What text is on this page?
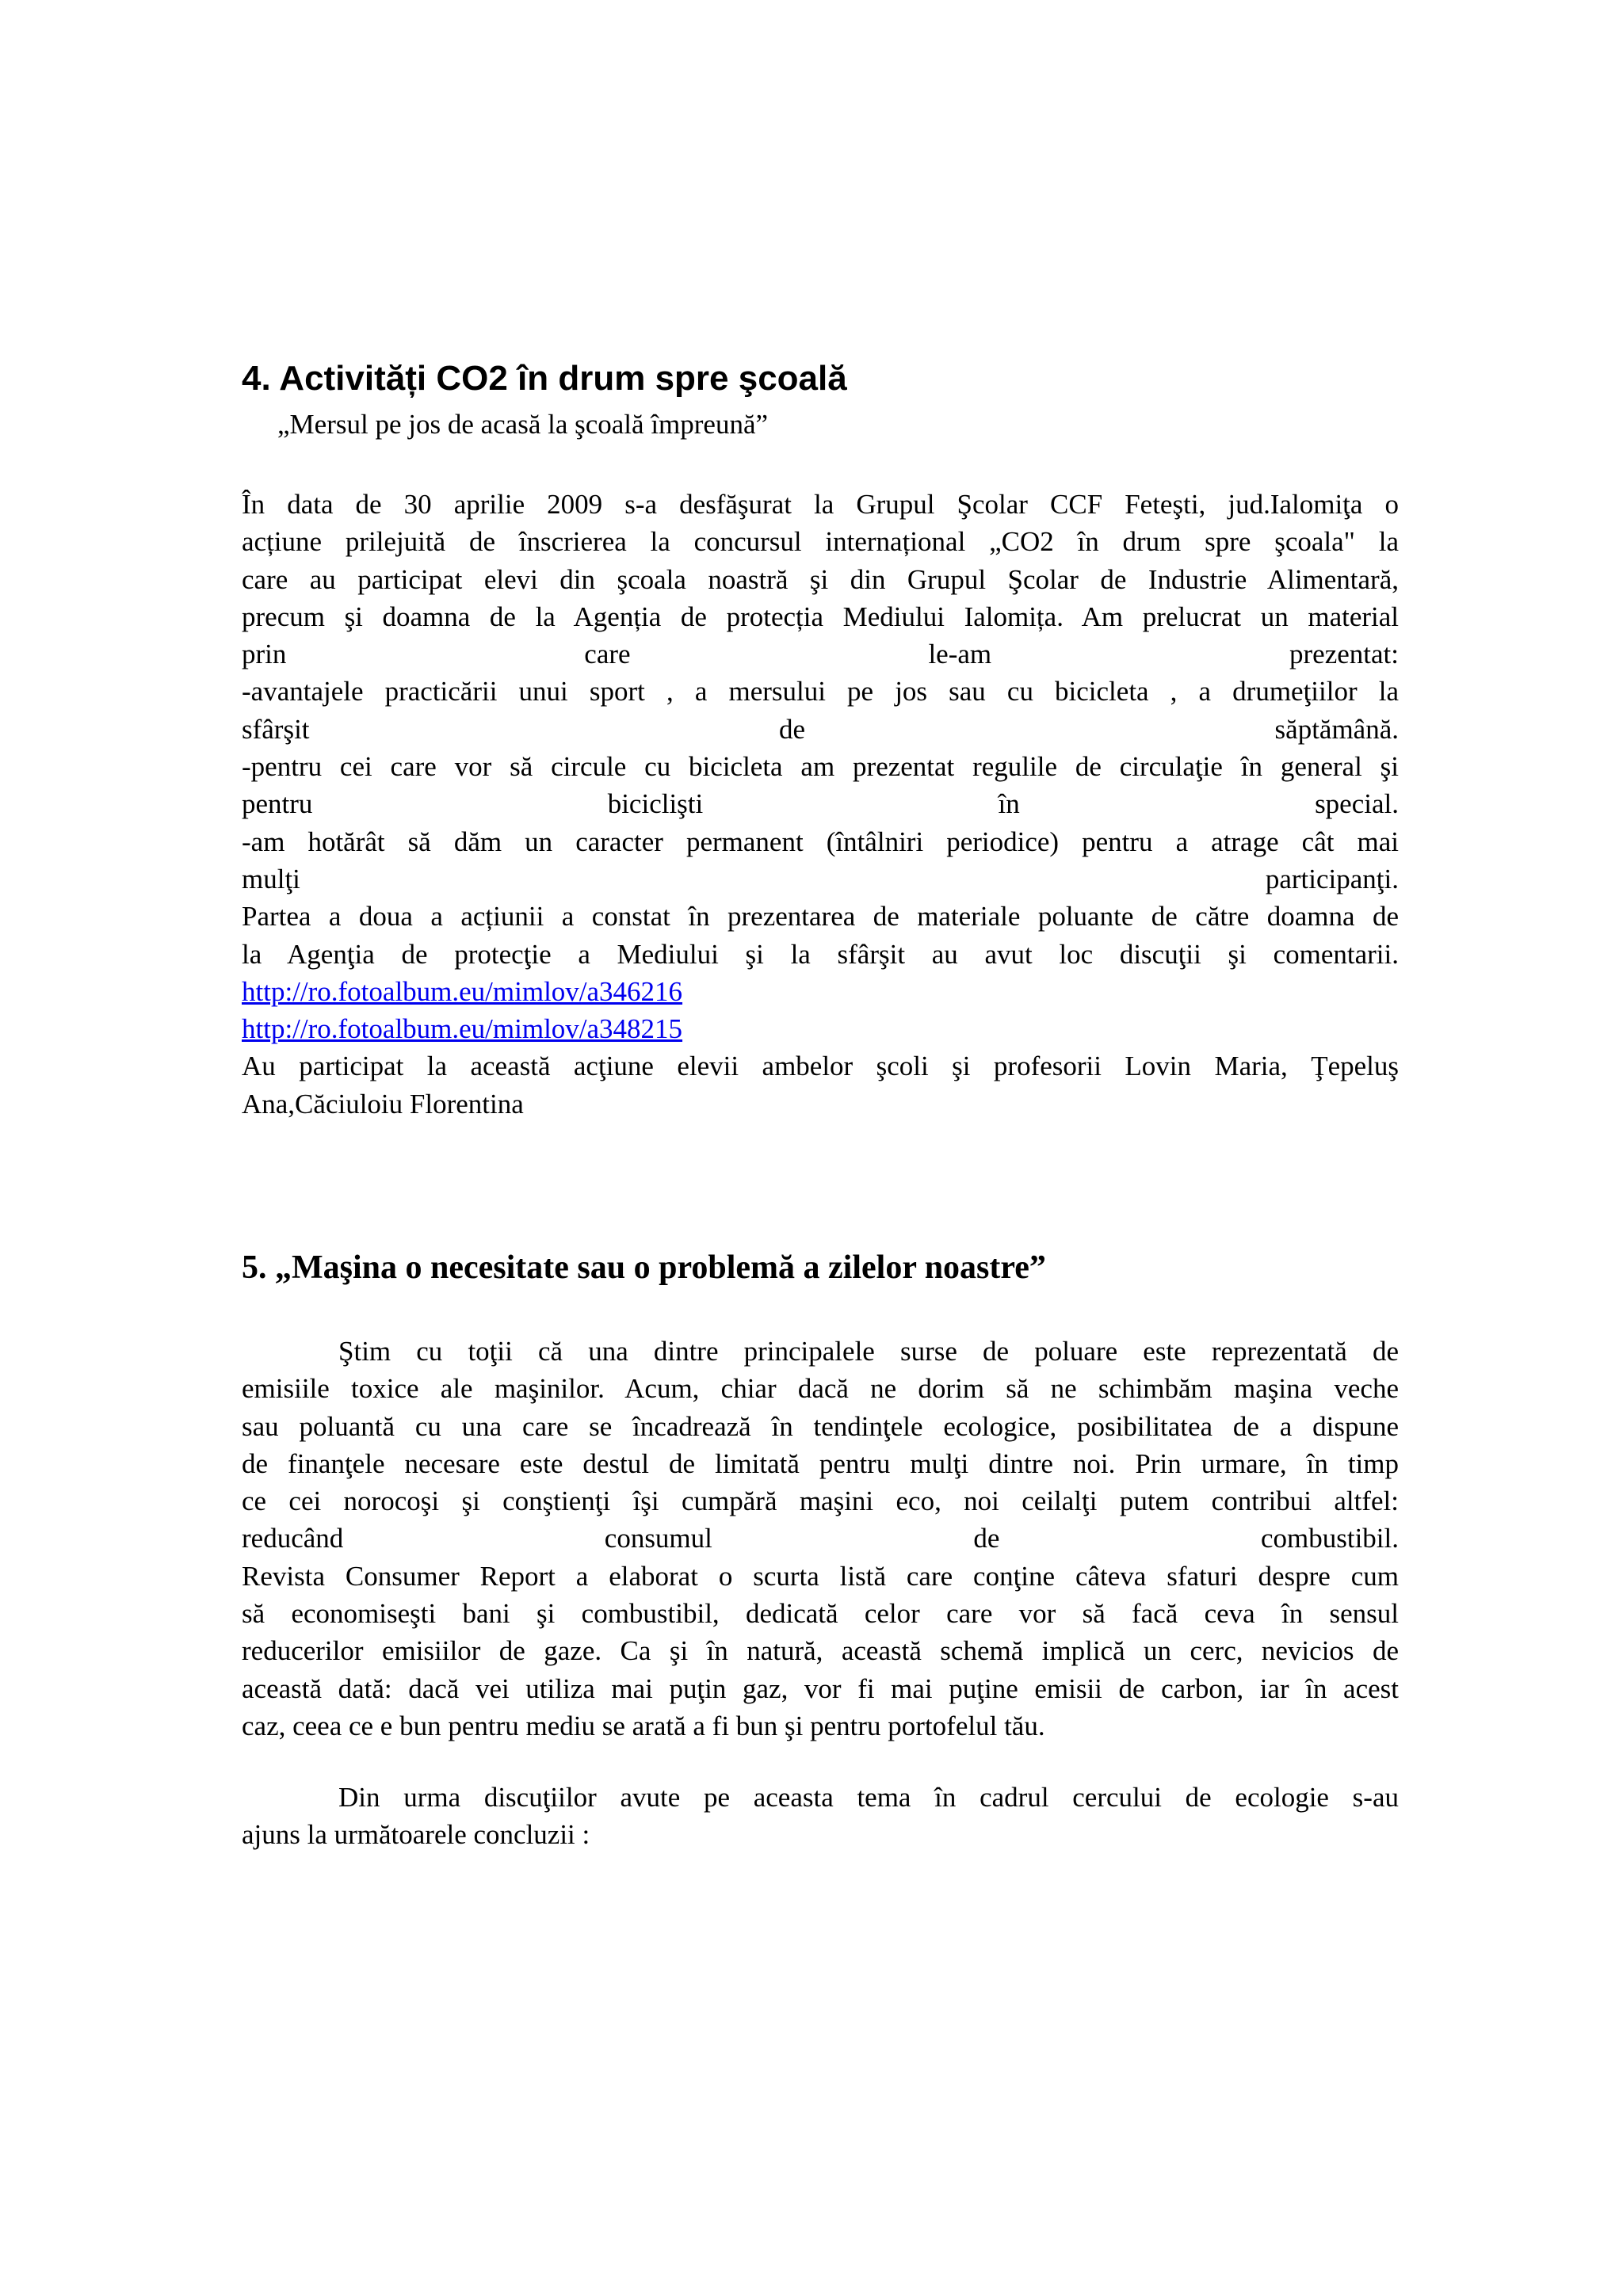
4. Activități CO2 în drum spre şcoală

„Mersul pe jos de acasă la şcoală împreună”

În data de 30 aprilie 2009 s-a desfăşurat la Grupul Şcolar CCF Feteşti, jud.Ialomiţa o
acțiune prilejuită de înscrierea la concursul internațional „CO2 în drum spre şcoala" la
care au participat elevi din şcoala noastră şi din Grupul Şcolar de Industrie Alimentară,
precum şi doamna de la Agenția de protecția Mediului Ialomița. Am prelucrat un material
prin care le-am prezentat:
-avantajele practicării unui sport , a mersului pe jos sau cu bicicleta , a drumeţiilor la
sfârşit de săptămână.
-pentru cei care vor să circule cu bicicleta am prezentat regulile de circulaţie în general şi
pentru biciclişti în special.
-am hotărât să dăm un caracter permanent (întâlniri periodice) pentru a atrage cât mai
mulţi participanţi.
Partea a doua a acțiunii a constat în prezentarea de materiale poluante de către doamna de
la Agenţia de protecţie a Mediului şi la sfârşit au avut loc discuţii şi comentarii.
http://ro.fotoalbum.eu/mimlov/a346216
http://ro.fotoalbum.eu/mimlov/a348215
Au participat la această acţiune elevii ambelor şcoli şi profesorii Lovin Maria, Ţepeluş
Ana,Căciuloiu Florentina
5. „Maşina o necesitate sau o problemă a zilelor noastre”
Ştim cu toţii că una dintre principalele surse de poluare este reprezentată de
emisiile toxice ale maşinilor. Acum, chiar dacă ne dorim să ne schimbăm maşina veche
sau poluantă cu una care se încadrează în tendinţele ecologice, posibilitatea de a dispune
de finanţele necesare este destul de limitată pentru mulţi dintre noi. Prin urmare, în timp
ce cei norocoşi şi conştienţi îşi cumpără maşini eco, noi ceilalţi putem contribui altfel:
reducând consumul de combustibil.
Revista Consumer Report a elaborat o scurta listă care conţine câteva sfaturi despre cum
să economiseşti bani şi combustibil, dedicată celor care vor să facă ceva în sensul
reducerilor emisiilor de gaze. Ca şi în natură, această schemă implică un cerc, nevicios de
această dată: dacă vei utiliza mai puţin gaz, vor fi mai puţine emisii de carbon, iar în acest
caz, ceea ce e bun pentru mediu se arată a fi bun şi pentru portofelul tău.
Din urma discuţiilor avute pe aceasta tema în cadrul cercului de ecologie s-au
ajuns la următoarele concluzii :
